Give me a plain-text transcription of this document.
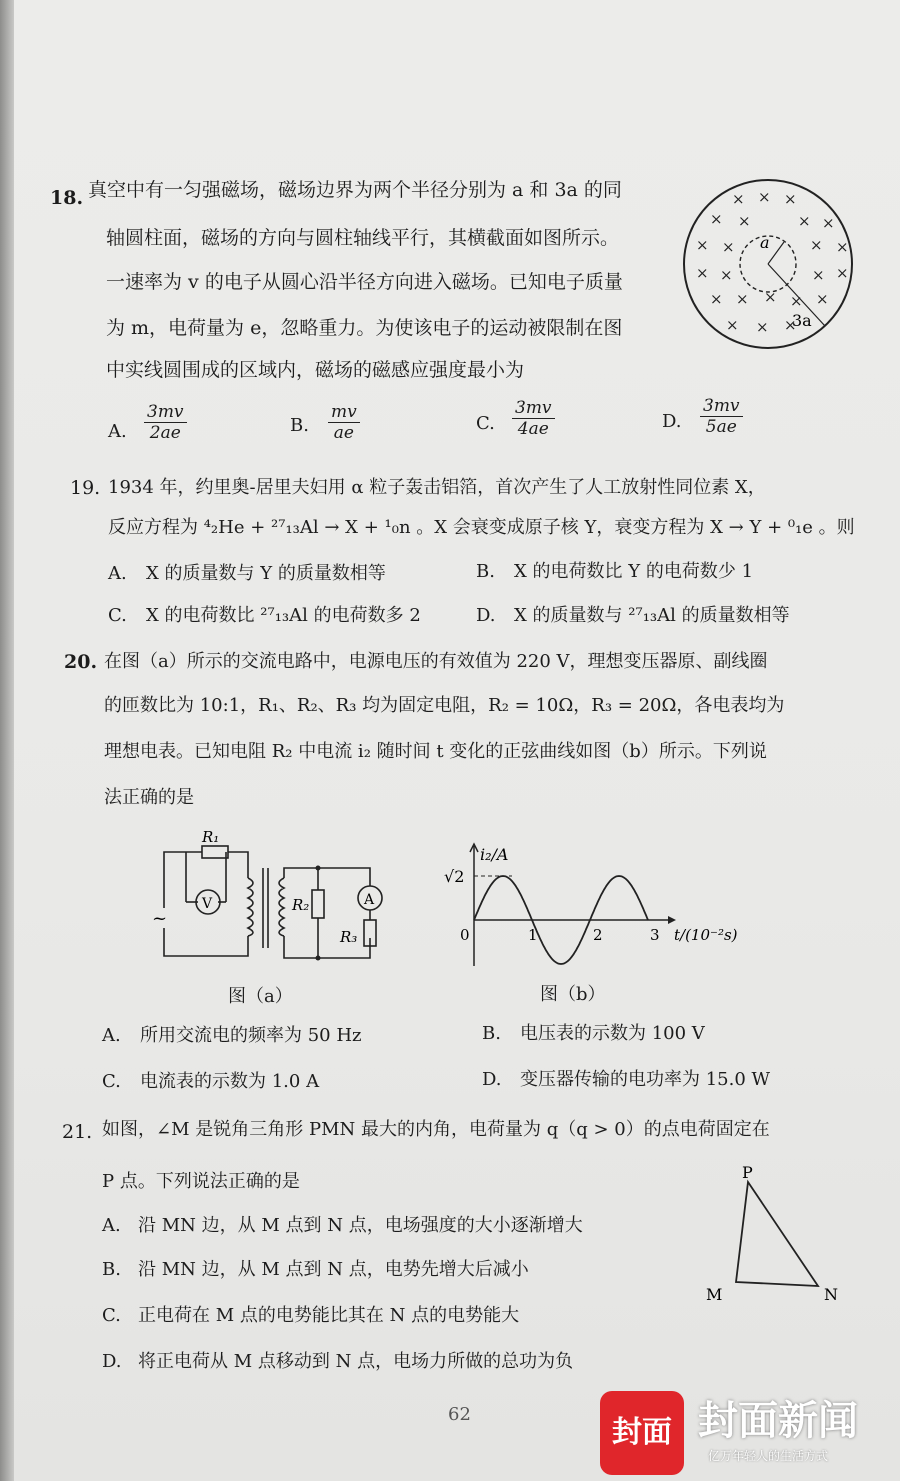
18. 真空中有一匀强磁场，磁场边界为两个半径分别为 a 和 3a 的同
轴圆柱面，磁场的方向与圆柱轴线平行，其横截面如图所示。
一速率为 v 的电子从圆心沿半径方向进入磁场。已知电子质量
为 m，电荷量为 e，忽略重力。为使该电子的运动被限制在图
中实线圆围成的区域内，磁场的磁感应强度最小为
× × ×
× ×	× ×
× ×	× ×
× ×	× ×
× × × × ×
× × ×
a
3a
A. $\frac{3mv}{2ae}$	B. $\frac{mv}{ae}$	C. $\frac{3mv}{4ae}$	D. $\frac{3mv}{5ae}$
19. 1934 年，约里奥-居里夫妇用 α 粒子轰击铝箔，首次产生了人工放射性同位素 X，
反应方程为 ⁴₂He + ²⁷₁₃Al → X + ¹₀n 。X 会衰变成原子核 Y，衰变方程为 X → Y + ⁰₁e 。则
A. X 的质量数与 Y 的质量数相等	B. X 的电荷数比 Y 的电荷数少 1
C. X 的电荷数比 ²⁷₁₃Al 的电荷数多 2	D. X 的质量数与 ²⁷₁₃Al 的质量数相等
20. 在图（a）所示的交流电路中，电源电压的有效值为 220 V，理想变压器原、副线圈
的匝数比为 10:1，R₁、R₂、R₃ 均为固定电阻，R₂ = 10Ω，R₃ = 20Ω，各电表均为
理想电表。已知电阻 R₂ 中电流 i₂ 随时间 t 变化的正弦曲线如图（b）所示。下列说
法正确的是
R₁
V
~
R₂	A
R₃
图（a）
i₂/A
√2
0	1	2	3 t/(10⁻²s)
图（b）
A. 所用交流电的频率为 50 Hz	B. 电压表的示数为 100 V
C. 电流表的示数为 1.0 A	D. 变压器传输的电功率为 15.0 W
21. 如图，∠M 是锐角三角形 PMN 最大的内角，电荷量为 q（q > 0）的点电荷固定在
P 点。下列说法正确的是
A. 沿 MN 边，从 M 点到 N 点，电场强度的大小逐渐增大
B. 沿 MN 边，从 M 点到 N 点，电势先增大后减小
C. 正电荷在 M 点的电势能比其在 N 点的电势能大
D. 将正电荷从 M 点移动到 N 点，电场力所做的总功为负
P
M	N
62
封面 封面新闻
亿万年轻人的生活方式
